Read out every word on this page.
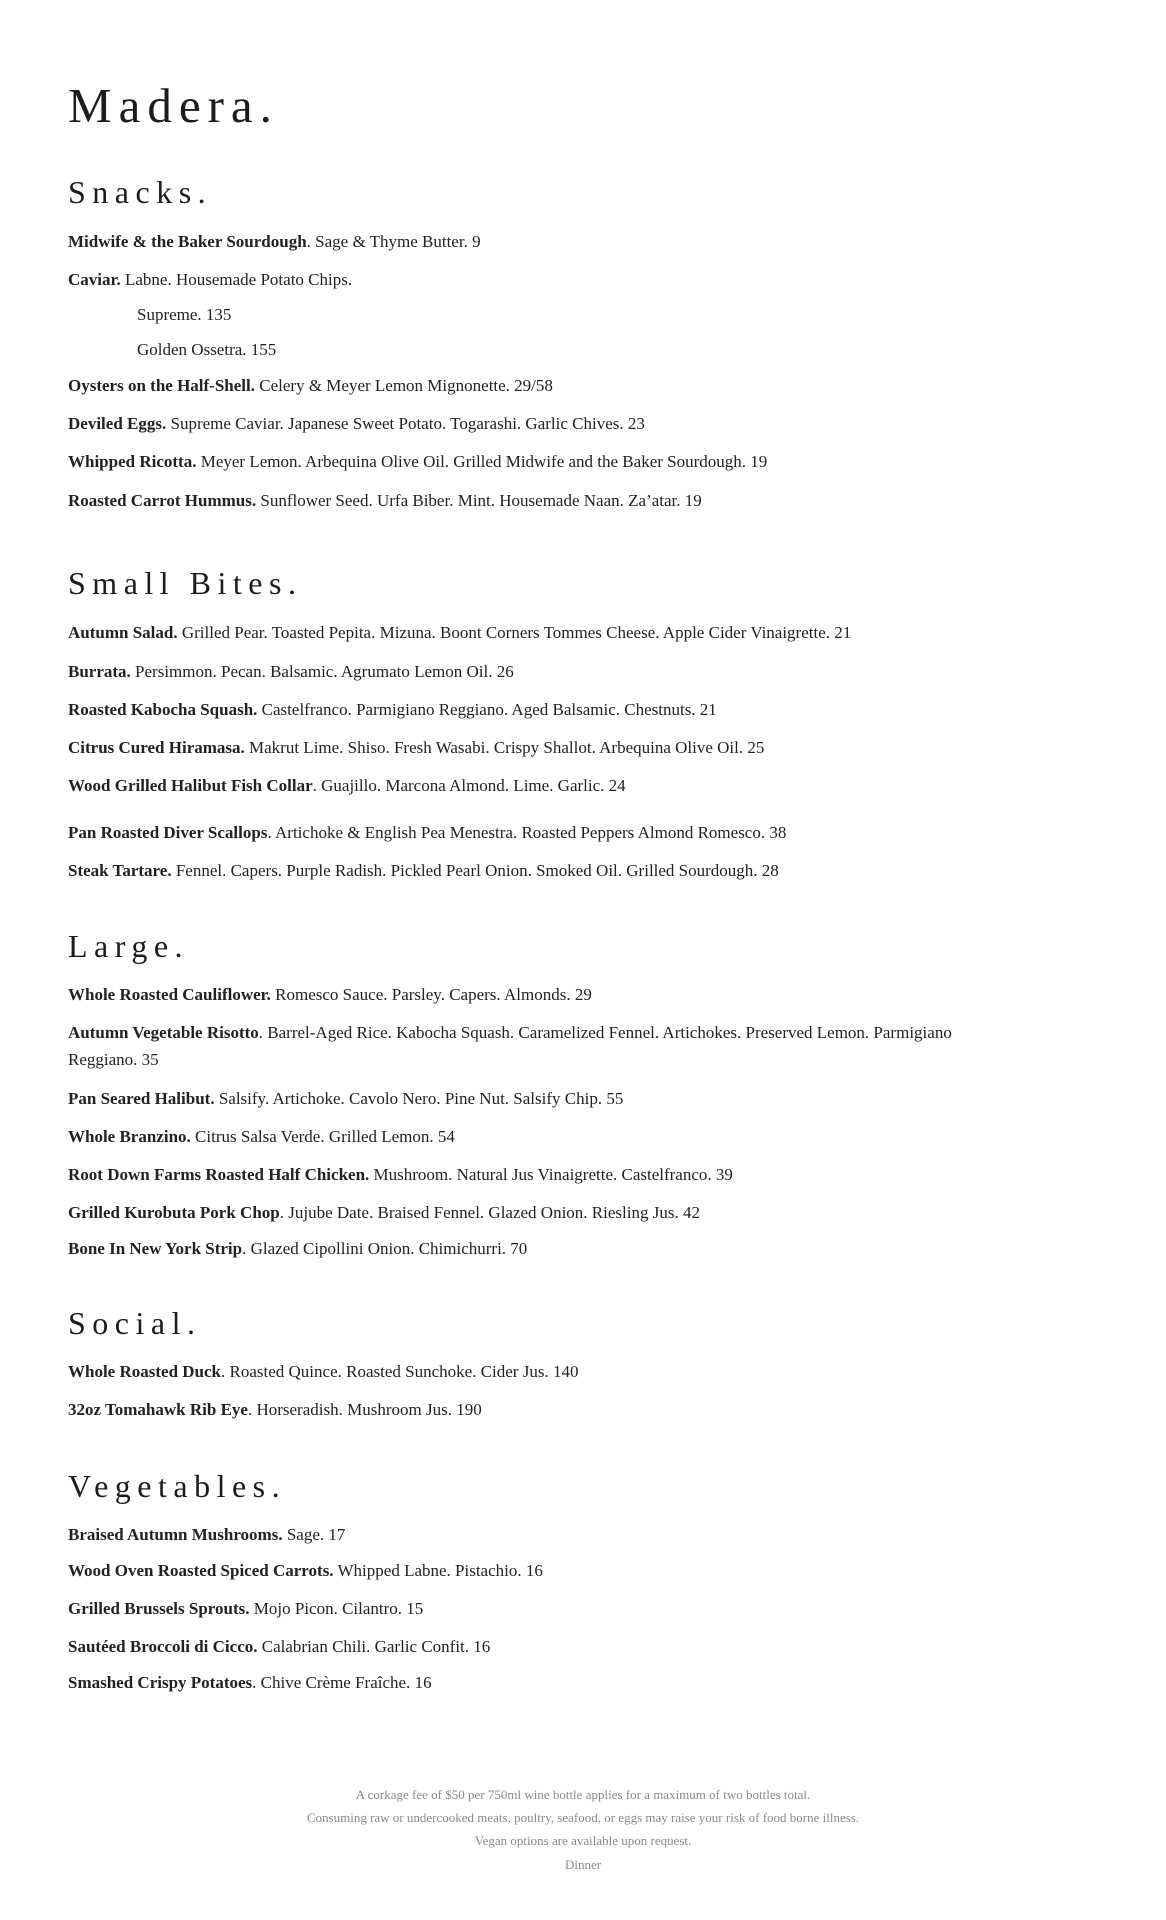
Madera.
Snacks.

Midwife & the Baker Sourdough. Sage & Thyme Butter. 9

Caviar. Labne. Housemade Potato Chips.

Supreme. 135

Golden Ossetra. 155

Oysters on the Half-Shell. Celery & Meyer Lemon Mignonette. 29/58

Deviled Eggs. Supreme Caviar. Japanese Sweet Potato. Togarashi. Garlic Chives. 23

Whipped Ricotta. Meyer Lemon. Arbequina Olive Oil. Grilled Midwife and the Baker Sourdough. 19

Roasted Carrot Hummus. Sunflower Seed. Urfa Biber. Mint. Housemade Naan. Za’atar. 19

Small Bites.

Autumn Salad. Grilled Pear. Toasted Pepita. Mizuna. Boont Corners Tommes Cheese. Apple Cider Vinaigrette. 21

Burrata. Persimmon. Pecan. Balsamic. Agrumato Lemon Oil. 26

Roasted Kabocha Squash. Castelfranco. Parmigiano Reggiano. Aged Balsamic. Chestnuts. 21

Citrus Cured Hiramasa. Makrut Lime. Shiso. Fresh Wasabi. Crispy Shallot. Arbequina Olive Oil. 25

Wood Grilled Halibut Fish Collar. Guajillo. Marcona Almond. Lime. Garlic. 24

Pan Roasted Diver Scallops. Artichoke & English Pea Menestra. Roasted Peppers Almond Romesco. 38

Steak Tartare. Fennel. Capers. Purple Radish. Pickled Pearl Onion. Smoked Oil. Grilled Sourdough. 28

Large.

Whole Roasted Cauliflower. Romesco Sauce. Parsley. Capers. Almonds. 29

Autumn Vegetable Risotto. Barrel-Aged Rice. Kabocha Squash. Caramelized Fennel. Artichokes. Preserved Lemon. Parmigiano Reggiano. 35

Pan Seared Halibut. Salsify. Artichoke. Cavolo Nero. Pine Nut. Salsify Chip. 55

Whole Branzino. Citrus Salsa Verde. Grilled Lemon. 54

Root Down Farms Roasted Half Chicken. Mushroom. Natural Jus Vinaigrette. Castelfranco. 39

Grilled Kurobuta Pork Chop. Jujube Date. Braised Fennel. Glazed Onion. Riesling Jus. 42

Bone In New York Strip. Glazed Cipollini Onion. Chimichurri. 70

Social.

Whole Roasted Duck. Roasted Quince. Roasted Sunchoke. Cider Jus. 140

32oz Tomahawk Rib Eye. Horseradish. Mushroom Jus. 190

Vegetables.

Braised Autumn Mushrooms. Sage. 17

Wood Oven Roasted Spiced Carrots. Whipped Labne. Pistachio. 16

Grilled Brussels Sprouts. Mojo Picon. Cilantro. 15

Sautéed Broccoli di Cicco. Calabrian Chili. Garlic Confit. 16

Smashed Crispy Potatoes. Chive Crème Fraîche. 16

A corkage fee of $50 per 750ml wine bottle applies for a maximum of two bottles total.

Consuming raw or undercooked meats, poultry, seafood, or eggs may raise your risk of food borne illness.

Vegan options are available upon request.

Dinner
